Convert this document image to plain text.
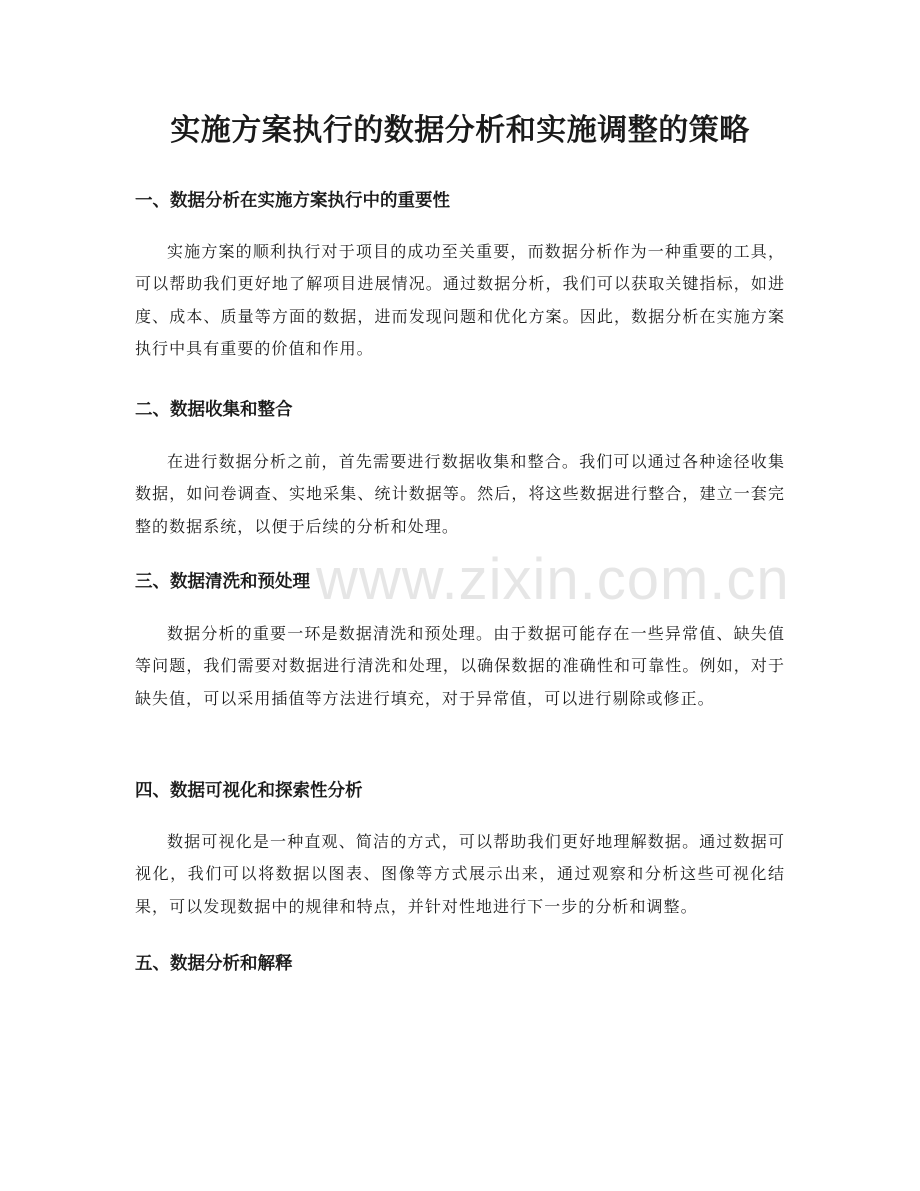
实施方案执行的数据分析和实施调整的策略
一、数据分析在实施方案执行中的重要性

实施方案的顺利执行对于项目的成功至关重要，而数据分析作为一种重要的工具，可以帮助我们更好地了解项目进展情况。通过数据分析，我们可以获取关键指标，如进度、成本、质量等方面的数据，进而发现问题和优化方案。因此，数据分析在实施方案执行中具有重要的价值和作用。

二、数据收集和整合

在进行数据分析之前，首先需要进行数据收集和整合。我们可以通过各种途径收集数据，如问卷调查、实地采集、统计数据等。然后，将这些数据进行整合，建立一套完整的数据系统，以便于后续的分析和处理。

三、数据清洗和预处理

数据分析的重要一环是数据清洗和预处理。由于数据可能存在一些异常值、缺失值等问题，我们需要对数据进行清洗和处理，以确保数据的准确性和可靠性。例如，对于缺失值，可以采用插值等方法进行填充，对于异常值，可以进行剔除或修正。

四、数据可视化和探索性分析

数据可视化是一种直观、简洁的方式，可以帮助我们更好地理解数据。通过数据可视化，我们可以将数据以图表、图像等方式展示出来，通过观察和分析这些可视化结果，可以发现数据中的规律和特点，并针对性地进行下一步的分析和调整。

五、数据分析和解释
www.zixin.com.cn
